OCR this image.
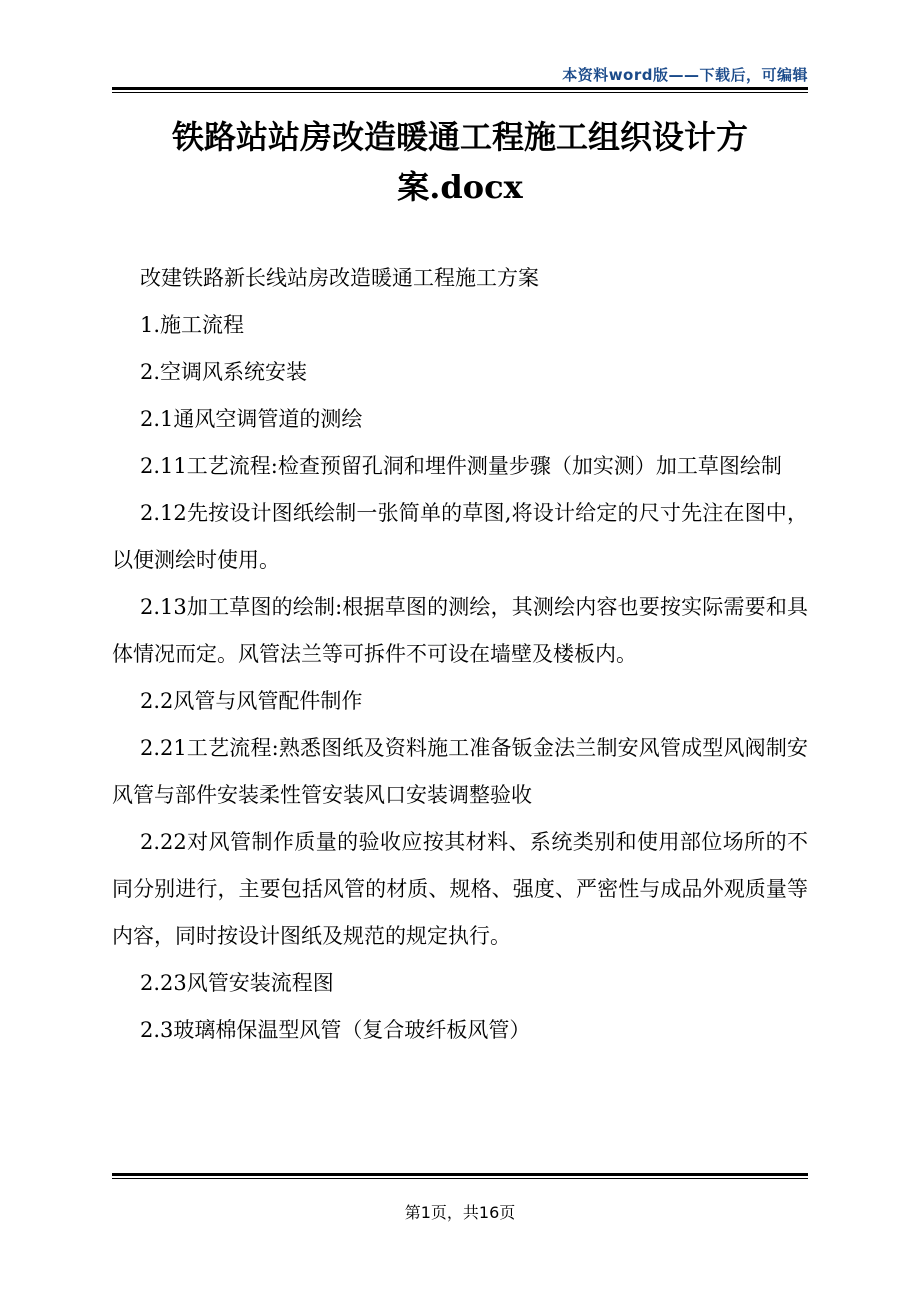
本资料word版——下载后，可编辑
铁路站站房改造暖通工程施工组织设计方案.docx

改建铁路新长线站房改造暖通工程施工方案

1.施工流程

2.空调风系统安装

2.1通风空调管道的测绘

2.11工艺流程:检查预留孔洞和埋件测量步骤（加实测）加工草图绘制

2.12先按设计图纸绘制一张简单的草图,将设计给定的尺寸先注在图中，以便测绘时使用。

2.13加工草图的绘制:根据草图的测绘，其测绘内容也要按实际需要和具体情况而定。风管法兰等可拆件不可设在墙壁及楼板内。

2.2风管与风管配件制作

2.21工艺流程:熟悉图纸及资料施工准备钣金法兰制安风管成型风阀制安风管与部件安装柔性管安装风口安装调整验收

2.22对风管制作质量的验收应按其材料、系统类别和使用部位场所的不同分别进行，主要包括风管的材质、规格、强度、严密性与成品外观质量等内容，同时按设计图纸及规范的规定执行。

2.23风管安装流程图

2.3玻璃棉保温型风管（复合玻纤板风管）

第1页，共16页
